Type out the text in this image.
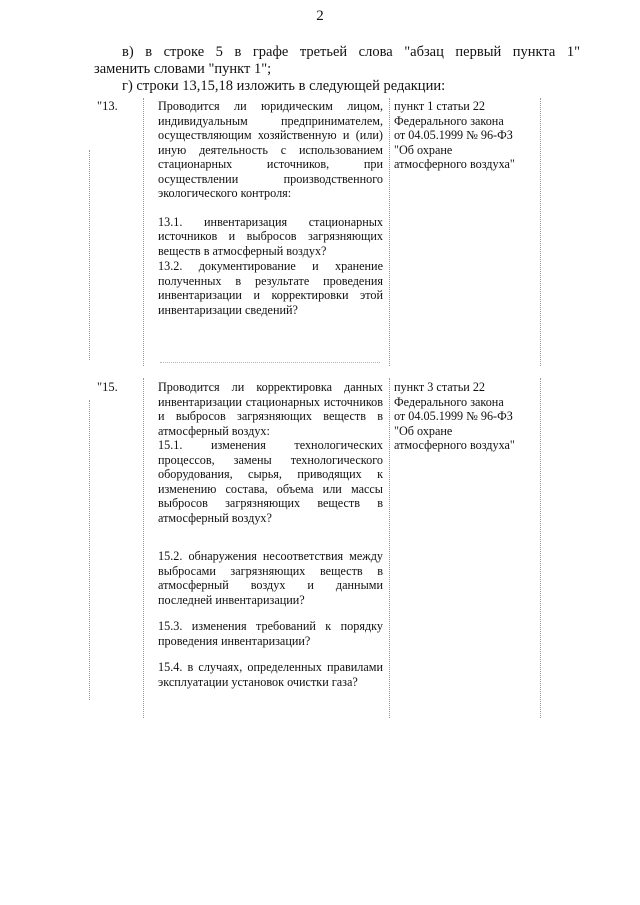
2
в) в строке 5 в графе третьей слова "абзац первый пункта 1"
заменить словами "пункт 1";
г) строки 13,15,18 изложить в следующей редакции:
"13.	Проводится ли юридическим лицом, индивидуальным предпринимателем, осуществляющим хозяйственную и (или) иную деятельность с использованием стационарных источников, при осуществлении производственного экологического контроля:
13.1. инвентаризация стационарных источников и выбросов загрязняющих веществ в атмосферный воздух?
13.2. документирование и хранение полученных в результате проведения инвентаризации и корректировки этой инвентаризации сведений?
пункт 1 статьи 22 Федерального закона от 04.05.1999 № 96-ФЗ "Об охране атмосферного воздуха"
"15.	Проводится ли корректировка данных инвентаризации стационарных источников и выбросов загрязняющих веществ в атмосферный воздух:
15.1. изменения технологических процессов, замены технологического оборудования, сырья, приводящих к изменению состава, объема или массы выбросов загрязняющих веществ в атмосферный воздух?
15.2. обнаружения несоответствия между выбросами загрязняющих веществ в атмосферный воздух и данными последней инвентаризации?
15.3. изменения требований к порядку проведения инвентаризации?
15.4. в случаях, определенных правилами эксплуатации установок очистки газа?
пункт 3 статьи 22 Федерального закона от 04.05.1999 № 96-ФЗ "Об охране атмосферного воздуха"
